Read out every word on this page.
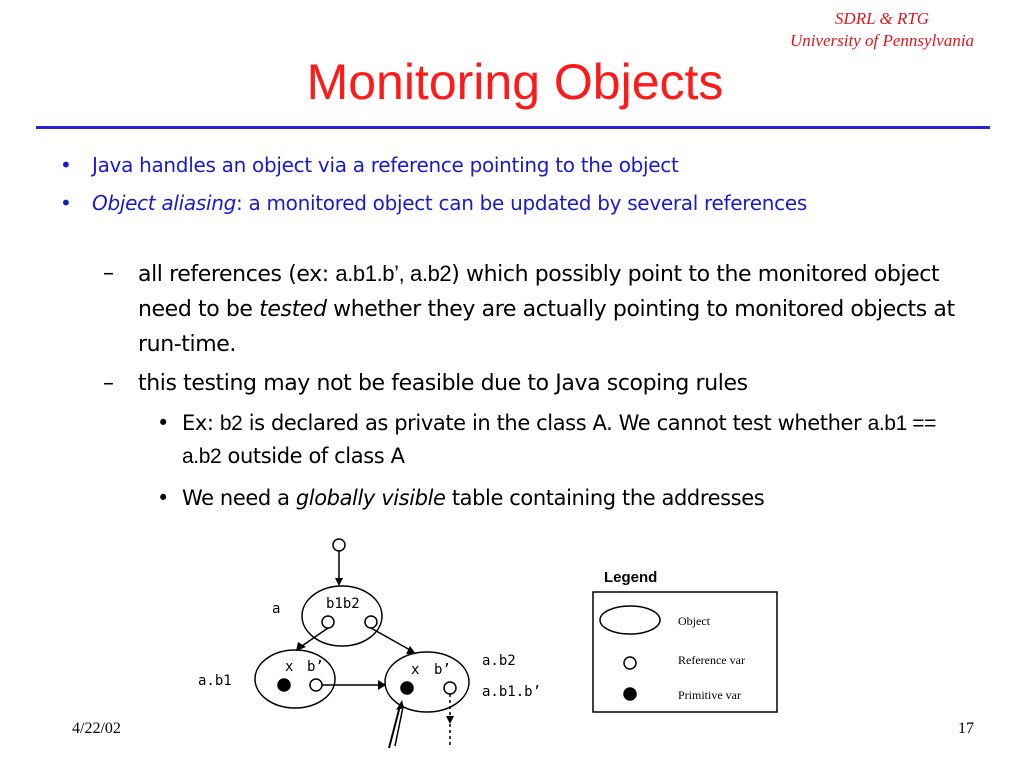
SDRL & RTG
University of Pennsylvania
Monitoring Objects
• Java handles an object via a reference pointing to the object
• Object aliasing: a monitored object can be updated by several references
– all references (ex: a.b1.b’, a.b2) which possibly point to the monitored object need to be tested whether they are actually pointing to monitored objects at run-time.
– this testing may not be feasible due to Java scoping rules
• Ex: b2 is declared as private in the class A. We cannot test whether a.b1 == a.b2 outside of class A
• We need a globally visible table containing the addresses
a	b1b2
x b’	x b’
a.b1
a.b2
a.b1.b’
Legend
Object
Reference var
Primitive var
4/22/02	17
